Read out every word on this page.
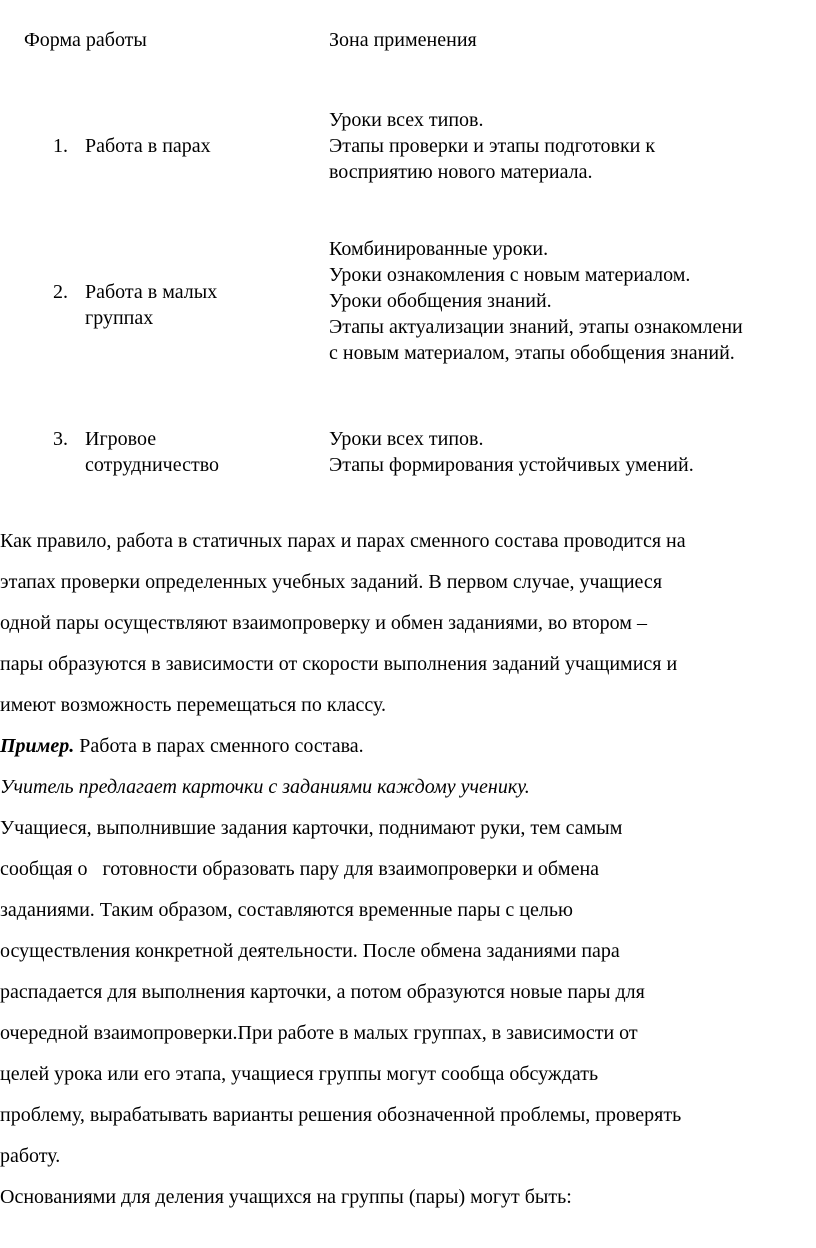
Форма работы	Зона применения
1. Работа в парах
Уроки всех типов.
Этапы проверки и этапы подготовки к
восприятию нового материала.
2. Работа в малых
группах
Комбинированные уроки.
Уроки ознакомления с новым материалом.
Уроки обобщения знаний.
Этапы актуализации знаний, этапы ознакомлени
с новым материалом, этапы обобщения знаний.
3. Игровое
сотрудничество
Уроки всех типов.
Этапы формирования устойчивых умений.
Как правило, работа в статичных парах и парах сменного состава проводится на
этапах проверки определенных учебных заданий. В первом случае, учащиеся
одной пары осуществляют взаимопроверку и обмен заданиями, во втором –
пары образуются в зависимости от скорости выполнения заданий учащимися и
имеют возможность перемещаться по классу.
Пример. Работа в парах сменного состава.
Учитель предлагает карточки с заданиями каждому ученику.
Учащиеся, выполнившие задания карточки, поднимают руки, тем самым
сообщая о   готовности образовать пару для взаимопроверки и обмена
заданиями. Таким образом, составляются временные пары с целью
осуществления конкретной деятельности. После обмена заданиями пара
распадается для выполнения карточки, а потом образуются новые пары для
очередной взаимопроверки.При работе в малых группах, в зависимости от
целей урока или его этапа, учащиеся группы могут сообща обсуждать
проблему, вырабатывать варианты решения обозначенной проблемы, проверять
работу.
Основаниями для деления учащихся на группы (пары) могут быть:
